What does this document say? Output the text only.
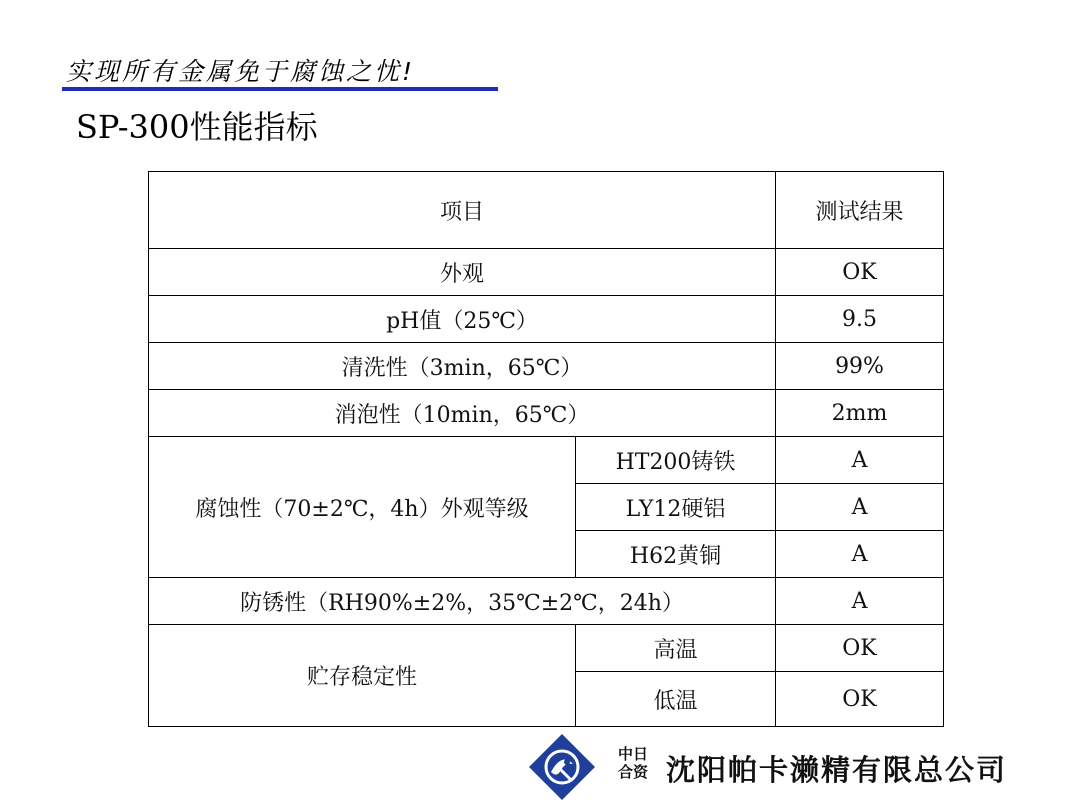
实现所有金属免于腐蚀之忧!
SP-300性能指标
项目		测试结果
外观		OK
pH值（25℃）		9.5
清洗性（3min，65℃）		99%
消泡性（10min，65℃）		2mm
腐蚀性（70±2℃，4h）外观等级	HT200铸铁	A
	LY12硬铝	A
	H62黄铜	A
防锈性（RH90%±2%，35℃±2℃，24h）		A
贮存稳定性	高温	OK
	低温	OK
中日合资 沈阳帕卡濑精有限总公司
